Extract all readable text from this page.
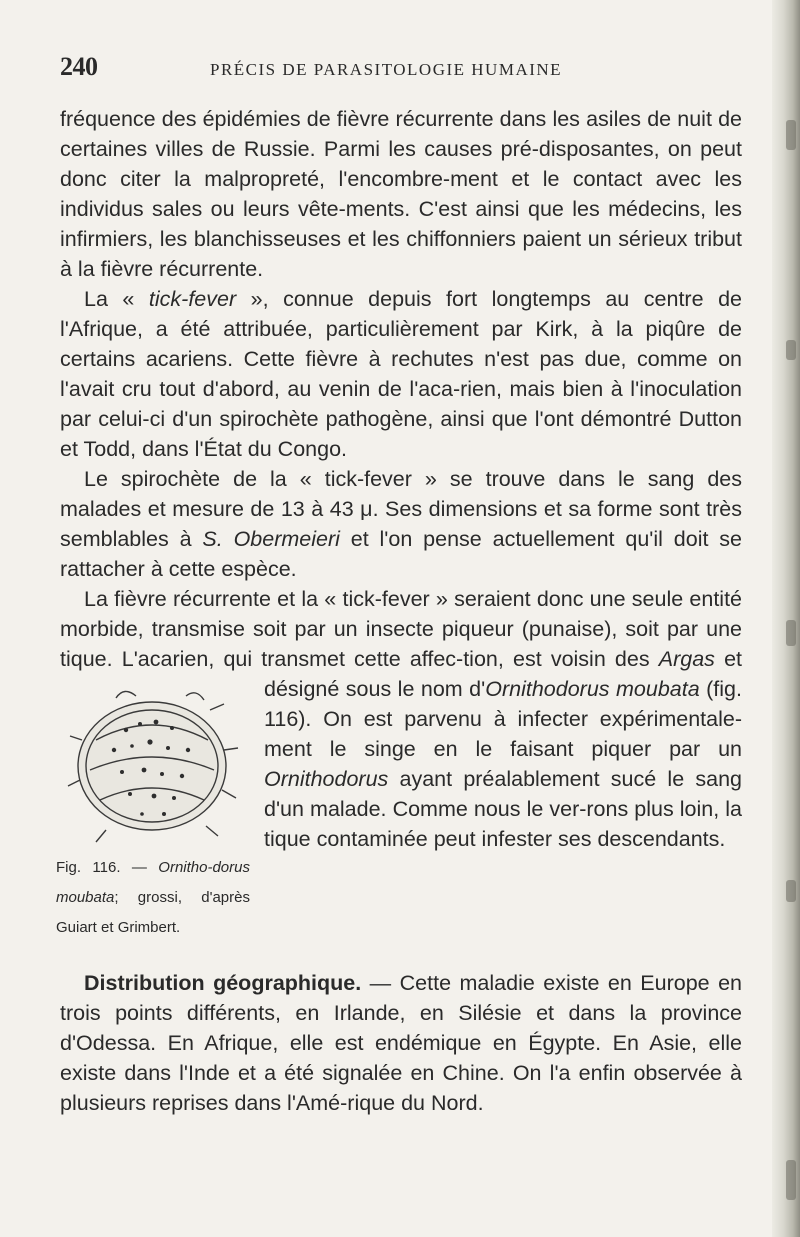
240	PRÉCIS DE PARASITOLOGIE HUMAINE

fréquence des épidémies de fièvre récurrente dans les asiles de nuit de certaines villes de Russie. Parmi les causes pré-disposantes, on peut donc citer la malpropreté, l'encombre-ment et le contact avec les individus sales ou leurs vête-ments. C'est ainsi que les médecins, les infirmiers, les blanchisseuses et les chiffonniers paient un sérieux tribut à la fièvre récurrente.

La « tick-fever », connue depuis fort longtemps au centre de l'Afrique, a été attribuée, particulièrement par Kirk, à la piqûre de certains acariens. Cette fièvre à rechutes n'est pas due, comme on l'avait cru tout d'abord, au venin de l'aca-rien, mais bien à l'inoculation par celui-ci d'un spirochète pathogène, ainsi que l'ont démontré Dutton et Todd, dans l'État du Congo.

Le spirochète de la « tick-fever » se trouve dans le sang des malades et mesure de 13 à 43 μ. Ses dimensions et sa forme sont très semblables à S. Obermeieri et l'on pense actuellement qu'il doit se rattacher à cette espèce.

La fièvre récurrente et la « tick-fever » seraient donc une seule entité morbide, transmise soit par un insecte piqueur (punaise), soit par une tique. L'acarien, qui transmet cette affec-tion, est voisin des
Fig. 116. — Ornitho-dorus moubata; grossi, d'après Guiart et Grimbert.
Argas et désigné sous le nom d'Ornithodorus moubata (fig. 116). On est parvenu à infecter expérimentale-ment le singe en le faisant piquer par un Ornithodorus ayant préalablement sucé le sang d'un malade. Comme nous le ver-rons plus loin, la tique contaminée peut infester ses descendants.

Distribution géographique. — Cette maladie existe en Europe en trois points différents, en Irlande, en Silésie et dans la province d'Odessa. En Afrique, elle est endémique en Égypte. En Asie, elle existe dans l'Inde et a été signalée en Chine. On l'a enfin observée à plusieurs reprises dans l'Amé-rique du Nord.
